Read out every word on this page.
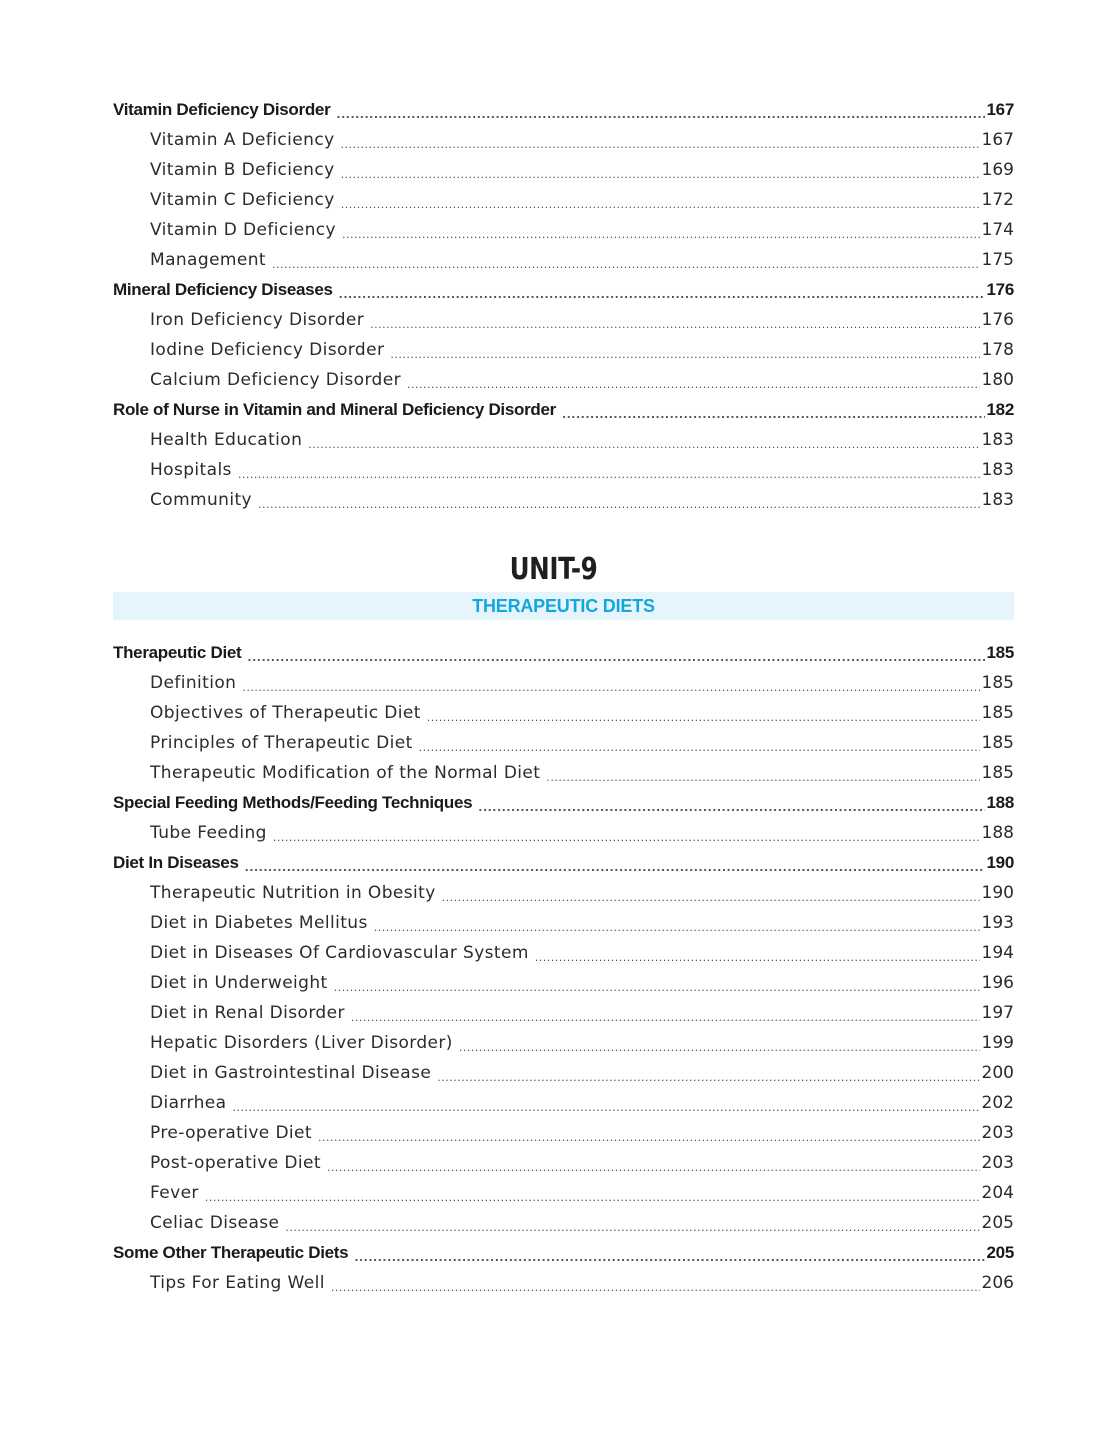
Vitamin Deficiency Disorder .....	167
Vitamin A Deficiency .....	167
Vitamin B Deficiency .....	169
Vitamin C Deficiency .....	172
Vitamin D Deficiency .....	174
Management .....	175
Mineral Deficiency Diseases .....	176
Iron Deficiency Disorder .....	176
Iodine Deficiency Disorder .....	178
Calcium Deficiency Disorder .....	180
Role of Nurse in Vitamin and Mineral Deficiency Disorder .....	182
Health Education .....	183
Hospitals .....	183
Community .....	183
UNIT-9
THERAPEUTIC DIETS
Therapeutic Diet .....	185
Definition .....	185
Objectives of Therapeutic Diet .....	185
Principles of Therapeutic Diet .....	185
Therapeutic Modification of the Normal Diet .....	185
Special Feeding Methods/Feeding Techniques .....	188
Tube Feeding .....	188
Diet In Diseases .....	190
Therapeutic Nutrition in Obesity .....	190
Diet in Diabetes Mellitus .....	193
Diet in Diseases Of Cardiovascular System .....	194
Diet in Underweight .....	196
Diet in Renal Disorder .....	197
Hepatic Disorders (Liver Disorder) .....	199
Diet in Gastrointestinal Disease .....	200
Diarrhea .....	202
Pre-operative Diet .....	203
Post-operative Diet .....	203
Fever .....	204
Celiac Disease .....	205
Some Other Therapeutic Diets .....	205
Tips For Eating Well .....	206
